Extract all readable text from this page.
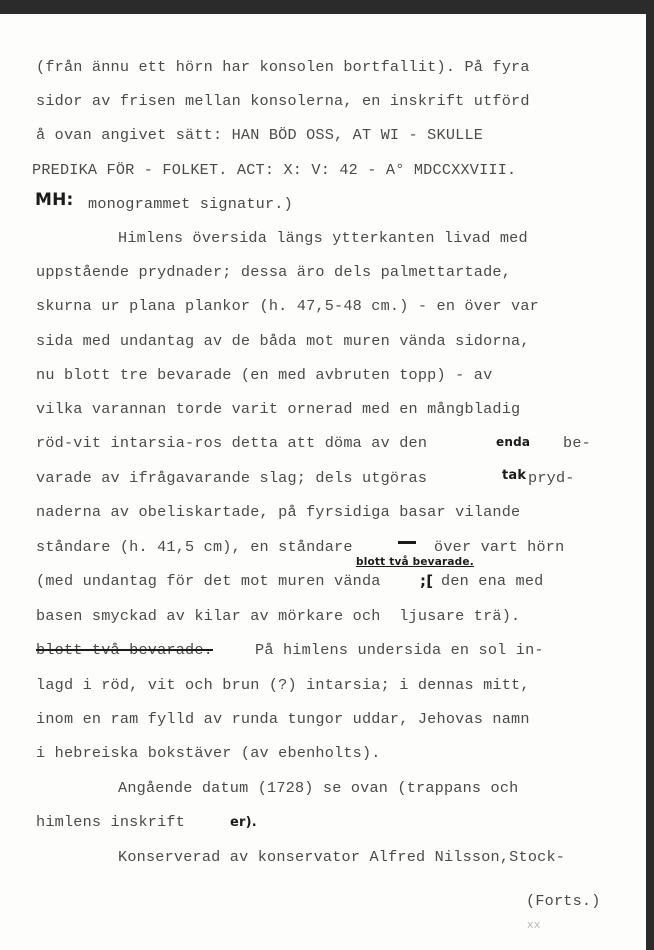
(från ännu ett hörn har konsolen bortfallit). På fyra
sidor av frisen mellan konsolerna, en inskrift utförd
å ovan angivet sätt: HAN BÖD OSS, AT WI - SKULLE
PREDIKA FÖR - FOLKET. ACT: X: V: 42 - A° MDCCXXVIII.
MH: monogrammet signatur.)
Himlens översida längs ytterkanten livad med
uppstående prydnader; dessa äro dels palmettartade,
skurna ur plana plankor (h. 47,5-48 cm.) - en över var
sida med undantag av de båda mot muren vända sidorna,
nu blott tre bevarade (en med avbruten topp) - av
vilka varannan torde varit ornerad med en mångbladig
röd-vit intarsia-ros detta att döma av den	enda be-
varade av ifrågavarande slag; dels utgöras	tak pryd-
naderna av obeliskartade, på fyrsidiga basar vilande
ståndare (h. 41,5 cm), en ståndare	över vart hörn
blott två bevarade.
(med undantag för det mot muren vända	;[ den ena med
basen smyckad av kilar av mörkare och  ljusare trä).
blott två bevarade.	På himlens undersida en sol in-
lagd i röd, vit och brun (?) intarsia; i dennas mitt,
inom en ram fylld av runda tungor uddar, Jehovas namn
i hebreiska bokstäver (av ebenholts).
Angående datum (1728) se ovan (trappans och
himlens inskrift	er).
Konserverad av konservator Alfred Nilsson,Stock-
(Forts.)
xx
